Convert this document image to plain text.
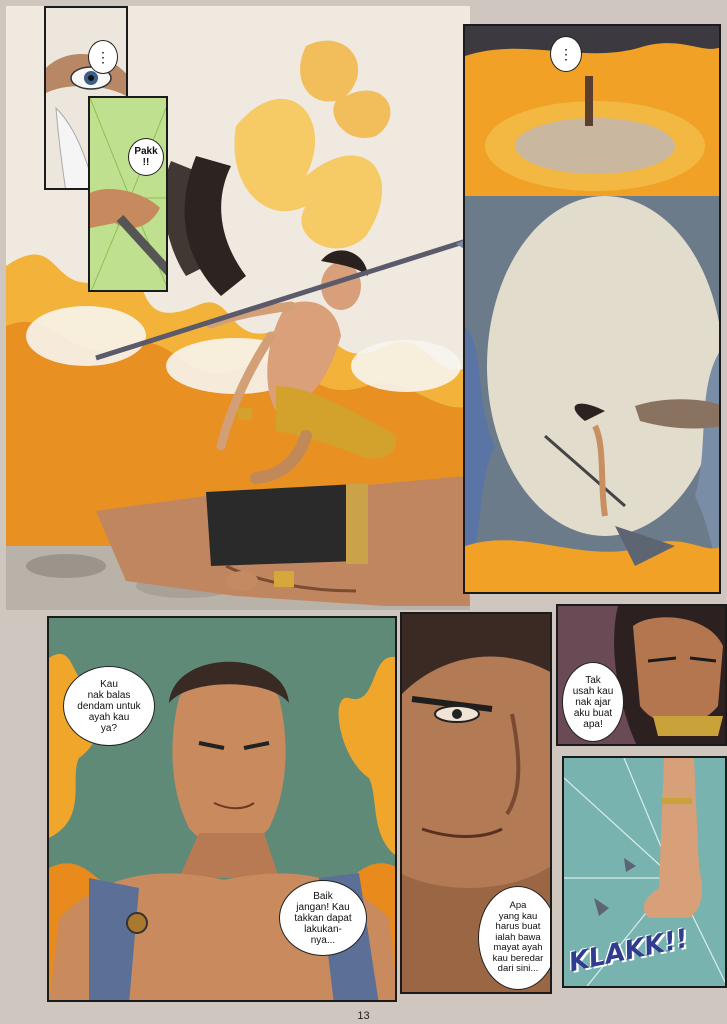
⋮
Pakk
!!
⋮
Kau
nak balas
dendam untuk
ayah kau
ya?
Baik
jangan! Kau
takkan dapat
lakukan-
nya...
Apa
yang kau
harus buat
ialah bawa
mayat ayah
kau beredar
dari sini...
Tak
usah kau
nak ajar
aku buat
apa!
KLAKK!!
13
